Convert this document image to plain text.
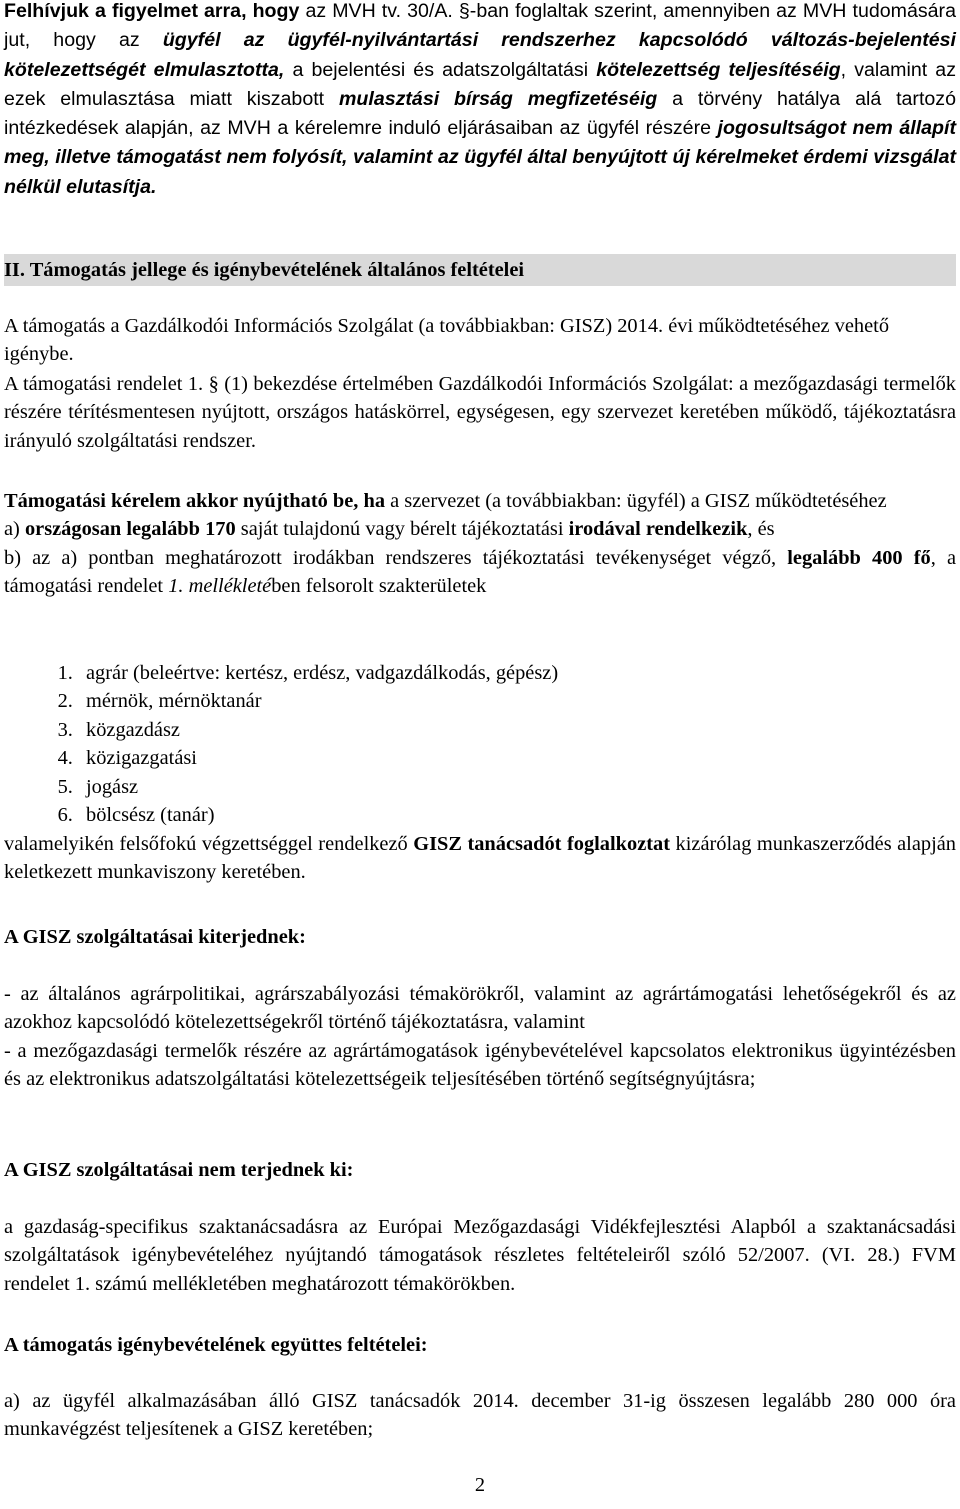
Felhívjuk a figyelmet arra, hogy az MVH tv. 30/A. §-ban foglaltak szerint, amennyiben az MVH tudomására jut, hogy az ügyfél az ügyfél-nyilvántartási rendszerhez kapcsolódó változás-bejelentési kötelezettségét elmulasztotta, a bejelentési és adatszolgáltatási kötelezettség teljesítéséig, valamint az ezek elmulasztása miatt kiszabott mulasztási bírság megfizetéséig a törvény hatálya alá tartozó intézkedések alapján, az MVH a kérelemre induló eljárásaiban az ügyfél részére jogosultságot nem állapít meg, illetve támogatást nem folyósít, valamint az ügyfél által benyújtott új kérelmeket érdemi vizsgálat nélkül elutasítja.

II. Támogatás jellege és igénybevételének általános feltételei

A támogatás a Gazdálkodói Információs Szolgálat (a továbbiakban: GISZ) 2014. évi működtetéséhez vehető igénybe.

A támogatási rendelet 1. § (1) bekezdése értelmében Gazdálkodói Információs Szolgálat: a mezőgazdasági termelők részére térítésmentesen nyújtott, országos hatáskörrel, egységesen, egy szervezet keretében működő, tájékoztatásra irányuló szolgáltatási rendszer.

Támogatási kérelem akkor nyújtható be, ha a szervezet (a továbbiakban: ügyfél) a GISZ működtetéséhez

a) országosan legalább 170 saját tulajdonú vagy bérelt tájékoztatási irodával rendelkezik, és

b) az a) pontban meghatározott irodákban rendszeres tájékoztatási tevékenységet végző, legalább 400 fő, a támogatási rendelet 1. mellékletében felsorolt szakterületek

1. agrár (beleértve: kertész, erdész, vadgazdálkodás, gépész)
2. mérnök, mérnöktanár
3. közgazdász
4. közigazgatási
5. jogász
6. bölcsész (tanár)

valamelyikén felsőfokú végzettséggel rendelkező GISZ tanácsadót foglalkoztat kizárólag munkaszerződés alapján keletkezett munkaviszony keretében.

A GISZ szolgáltatásai kiterjednek:

- az általános agrárpolitikai, agrárszabályozási témakörökről, valamint az agrártámogatási lehetőségekről és az azokhoz kapcsolódó kötelezettségekről történő tájékoztatásra, valamint

- a mezőgazdasági termelők részére az agrártámogatások igénybevételével kapcsolatos elektronikus ügyintézésben és az elektronikus adatszolgáltatási kötelezettségeik teljesítésében történő segítségnyújtásra;

A GISZ szolgáltatásai nem terjednek ki:

a gazdaság-specifikus szaktanácsadásra az Európai Mezőgazdasági Vidékfejlesztési Alapból a szaktanácsadási szolgáltatások igénybevételéhez nyújtandó támogatások részletes feltételeiről szóló 52/2007. (VI. 28.) FVM rendelet 1. számú mellékletében meghatározott témakörökben.

A támogatás igénybevételének együttes feltételei:

a) az ügyfél alkalmazásában álló GISZ tanácsadók 2014. december 31-ig összesen legalább 280 000 óra munkavégzést teljesítenek a GISZ keretében;

2
